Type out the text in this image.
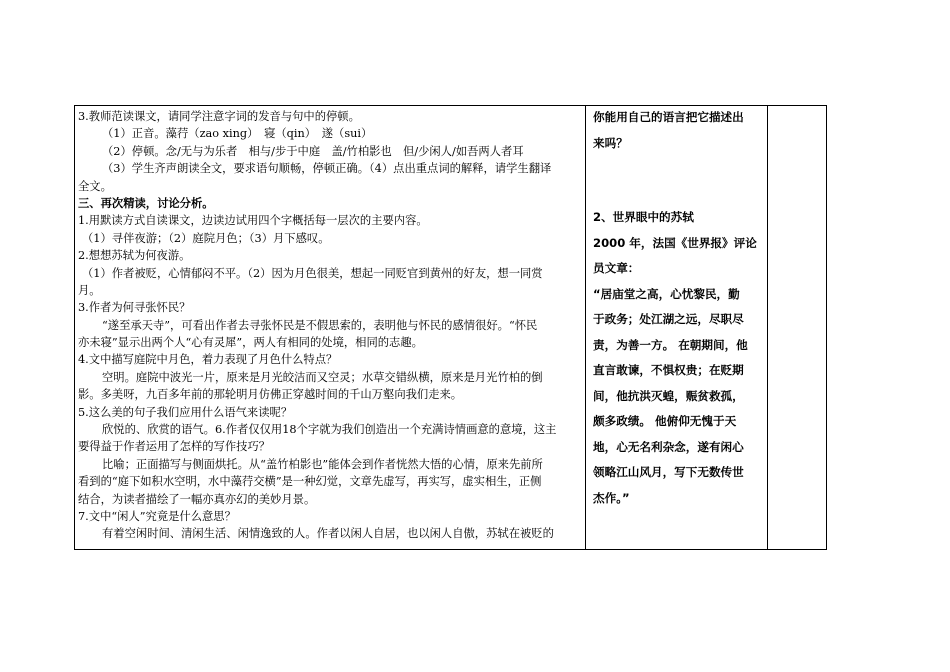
3.教师范读课文，请同学注意字词的发音与句中的停顿。
（1）正音。藻荇（zao xing）　寝（qin）　遂（sui）
（2）停顿。念/无与为乐者　相与/步于中庭　盖/竹柏影也　但/少闲人/如吾两人者耳
（3）学生齐声朗读全文，要求语句顺畅，停顿正确。（4）点出重点词的解释，请学生翻译
全文。
三、再次精读，讨论分析。
1.用默读方式自读课文，边读边试用四个字概括每一层次的主要内容。
（1）寻伴夜游；（2）庭院月色；（3）月下感叹。
2.想想苏轼为何夜游。
（1）作者被贬，心情郁闷不平。（2）因为月色很美，想起一同贬官到黄州的好友，想一同赏
月。
3.作者为何寻张怀民？
“遂至承天寺”，可看出作者去寻张怀民是不假思索的，表明他与怀民的感情很好。“怀民
亦未寝”显示出两个人“心有灵犀”，两人有相同的处境，相同的志趣。
4.文中描写庭院中月色，着力表现了月色什么特点？
空明。庭院中波光一片，原来是月光皎洁而又空灵；水草交错纵横，原来是月光竹柏的倒
影。多美呀，九百多年前的那轮明月仿佛正穿越时间的千山万壑向我们走来。
5.这么美的句子我们应用什么语气来读呢？
欣悦的、欣赏的语气。6.作者仅仅用18个字就为我们创造出一个充满诗情画意的意境，这主
要得益于作者运用了怎样的写作技巧？
比喻；正面描写与侧面烘托。从“盖竹柏影也”能体会到作者恍然大悟的心情，原来先前所
看到的“庭下如积水空明，水中藻荇交横”是一种幻觉，文章先虚写，再实写，虚实相生，正侧
结合，为读者描绘了一幅亦真亦幻的美妙月景。
7.文中“闲人”究竟是什么意思？
有着空闲时间、清闲生活、闲情逸致的人。作者以闲人自居，也以闲人自傲，苏轼在被贬的
你能用自己的语言把它描述出
来吗？
2、世界眼中的苏轼
2000 年，法国《世界报》评论
员文章：
“居庙堂之高，心忧黎民，勤
于政务；处江湖之远，尽职尽
责，为善一方。 在朝期间，他
直言敢谏，不惧权贵；在贬期
间，他抗洪灭蝗，赈贫救孤，
颇多政绩。 他俯仰无愧于天
地，心无名利杂念，遂有闲心
领略江山风月，写下无数传世
杰作。”
